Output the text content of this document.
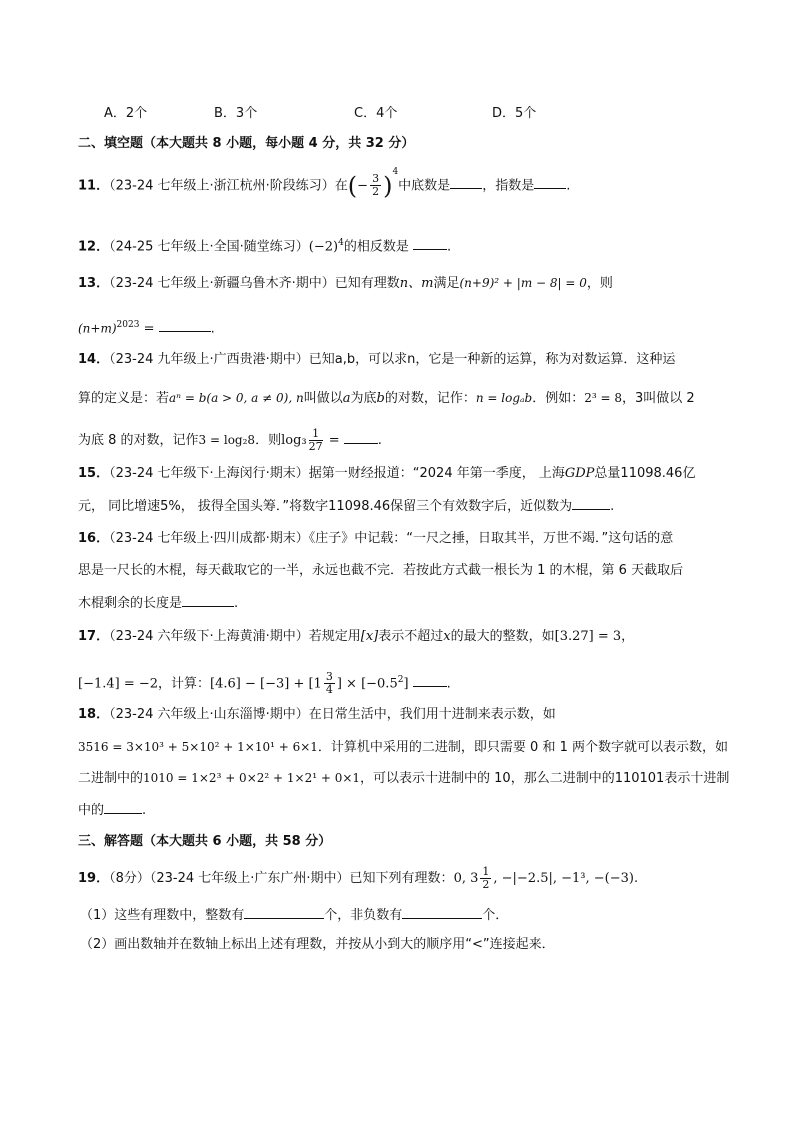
A．2个	B．3个	C．4个	D．5个
二、填空题（本大题共 8 小题，每小题 4 分，共 32 分）
11．（23-24 七年级上·浙江杭州·阶段练习）在(− $\frac{3}{2} )^4$中底数是 ，指数是 .
12．（24-25 七年级上·全国·随堂练习）$(-2)^4$的相反数是	.
13．（23-24 七年级上·新疆乌鲁木齐·期中）已知有理数n、m满足(n+9)² + |m − 8| = 0，则
$(n+m)^{2023}$ =	.
14．（23-24 九年级上·广西贵港·期中）已知a,b，可以求n，它是一种新的运算，称为对数运算．这种运
算的定义是：若aⁿ = b(a > 0, a ≠ 0), n叫做以a为底b的对数，记作：n = logₐb．例如：2³ = 8，3叫做以 2
为底 8 的对数，记作3 = log₂8．则$\log_3 \frac{1}{27}$ =	.
15．（23-24 七年级下·上海闵行·期末）据第一财经报道：“2024 年第一季度， 上海GDP总量11098.46亿
元， 同比增速5%， 拔得全国头筹．”将数字11098.46保留三个有效数字后，近似数为	.
16．（23-24 七年级上·四川成都·期末）《庄子》中记载：“一尺之捶，日取其半，万世不竭．”这句话的意
思是一尺长的木棍，每天截取它的一半，永远也截不完．若按此方式截一根长为 1 的木棍，第 6 天截取后
木棍剩余的长度是	.
17．（23-24 六年级下·上海黄浦·期中）若规定用[x]表示不超过x的最大的整数，如[3.27] = 3，
[−1.4] = −2，计算：$[4.6] - [-3] + [1 \frac{3}{4}$ ] × $[-0.5^2]$	.
18．（23-24 六年级上·山东淄博·期中）在日常生活中，我们用十进制来表示数，如
3516 = 3×10³ + 5×10² + 1×10¹ + 6×1．计算机中采用的二进制，即只需要 0 和 1 两个数字就可以表示数，如
二进制中的1010 = 1×2³ + 0×2² + 1×2¹ + 0×1，可以表示十进制中的 10，那么二进制中的110101表示十进制
中的	.
三、解答题（本大题共 6 小题，共 58 分）
19．（8分）（23-24 七年级上·广东广州·期中）已知下列有理数：0, $3 \frac{1}{2}$ , −|−2.5|, −1³, −(−3).
（1）这些有理数中，整数有	个，非负数有	个．
（2）画出数轴并在数轴上标出上述有理数，并按从小到大的顺序用“<”连接起来．
